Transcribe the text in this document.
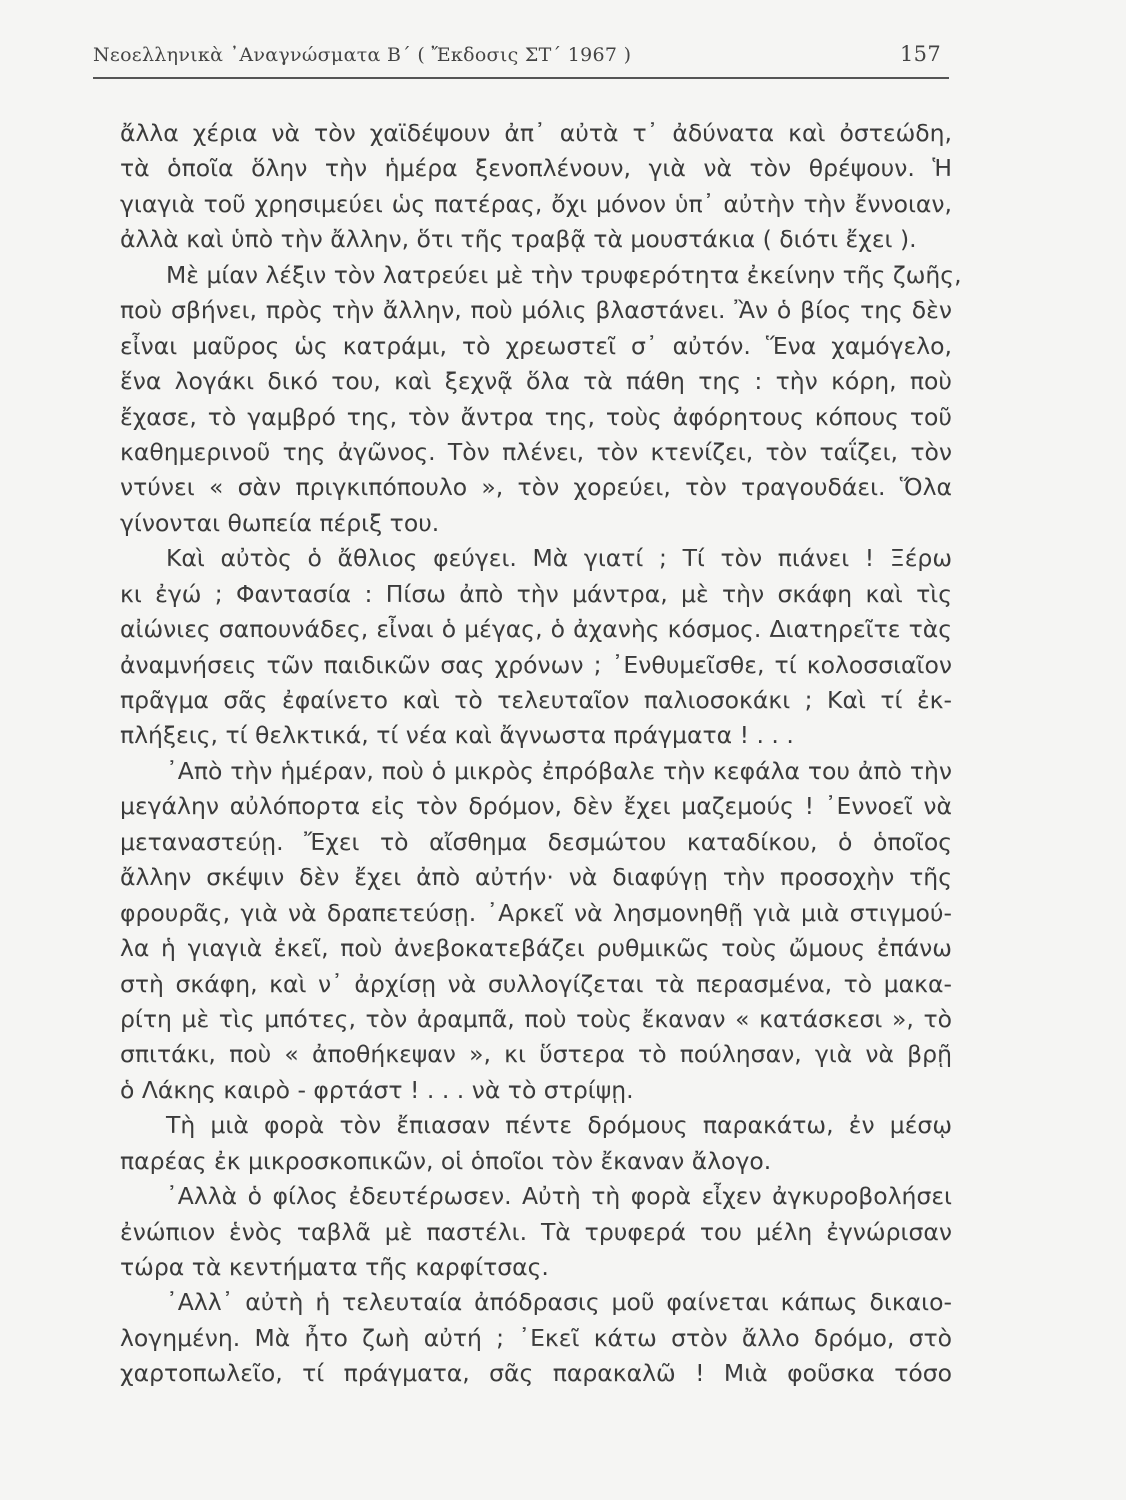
Νεοελληνικὰ ᾿Αναγνώσματα Β΄ ( Ἔκδοσις ΣΤ΄ 1967 )	157
ἄλλα χέρια νὰ τὸν χαϊδέψουν ἀπ᾿ αὐτὰ τ᾿ ἀδύνατα καὶ ὀστεώδη,
τὰ ὁποῖα ὅλην τὴν ἡμέρα ξενοπλένουν, γιὰ νὰ τὸν θρέψουν. Ἡ
γιαγιὰ τοῦ χρησιμεύει ὡς πατέρας, ὄχι μόνον ὑπ᾿ αὐτὴν τὴν ἔννοιαν,
ἀλλὰ καὶ ὑπὸ τὴν ἄλλην, ὅτι τῆς τραβᾷ τὰ μουστάκια ( διότι ἔχει ).
Μὲ μίαν λέξιν τὸν λατρεύει μὲ τὴν τρυφερότητα ἐκείνην τῆς ζωῆς,
ποὺ σβήνει, πρὸς τὴν ἄλλην, ποὺ μόλις βλαστάνει. Ἂν ὁ βίος της δὲν
εἶναι μαῦρος ὡς κατράμι, τὸ χρεωστεῖ σ᾿ αὐτόν. Ἕνα χαμόγελο,
ἕνα λογάκι δικό του, καὶ ξεχνᾷ ὅλα τὰ πάθη της : τὴν κόρη, ποὺ
ἔχασε, τὸ γαμβρό της, τὸν ἄντρα της, τοὺς ἀφόρητους κόπους τοῦ
καθημερινοῦ της ἀγῶνος. Τὸν πλένει, τὸν κτενίζει, τὸν ταΐζει, τὸν
ντύνει « σὰν πριγκιπόπουλο », τὸν χορεύει, τὸν τραγουδάει. Ὅλα
γίνονται θωπεία πέριξ του.
Καὶ αὐτὸς ὁ ἄθλιος φεύγει. Μὰ γιατί ; Τί τὸν πιάνει ! Ξέρω
κι ἐγώ ; Φαντασία : Πίσω ἀπὸ τὴν μάντρα, μὲ τὴν σκάφη καὶ τὶς
αἰώνιες σαπουνάδες, εἶναι ὁ μέγας, ὁ ἀχανὴς κόσμος. Διατηρεῖτε τὰς
ἀναμνήσεις τῶν παιδικῶν σας χρόνων ; ᾿Ενθυμεῖσθε, τί κολοσσιαῖον
πρᾶγμα σᾶς ἐφαίνετο καὶ τὸ τελευταῖον παλιοσοκάκι ; Καὶ τί ἐκ-
πλήξεις, τί θελκτικά, τί νέα καὶ ἄγνωστα πράγματα ! . . .
᾿Απὸ τὴν ἡμέραν, ποὺ ὁ μικρὸς ἐπρόβαλε τὴν κεφάλα του ἀπὸ τὴν
μεγάλην αὐλόπορτα εἰς τὸν δρόμον, δὲν ἔχει μαζεμούς ! ᾿Εννοεῖ νὰ
μεταναστεύῃ. Ἔχει τὸ αἴσθημα δεσμώτου καταδίκου, ὁ ὁποῖος
ἄλλην σκέψιν δὲν ἔχει ἀπὸ αὐτήν· νὰ διαφύγῃ τὴν προσοχὴν τῆς
φρουρᾶς, γιὰ νὰ δραπετεύσῃ. ᾿Αρκεῖ νὰ λησμονηθῇ γιὰ μιὰ στιγμού-
λα ἡ γιαγιὰ ἐκεῖ, ποὺ ἀνεβοκατεβάζει ρυθμικῶς τοὺς ὤμους ἐπάνω
στὴ σκάφη, καὶ ν᾿ ἀρχίσῃ νὰ συλλογίζεται τὰ περασμένα, τὸ μακα-
ρίτη μὲ τὶς μπότες, τὸν ἀραμπᾶ, ποὺ τοὺς ἔκαναν « κατάσκεσι », τὸ
σπιτάκι, ποὺ « ἀποθήκεψαν », κι ὕστερα τὸ πούλησαν, γιὰ νὰ βρῇ
ὁ Λάκης καιρὸ - φρτάστ ! . . . νὰ τὸ στρίψῃ.
Τὴ μιὰ φορὰ τὸν ἔπιασαν πέντε δρόμους παρακάτω, ἐν μέσῳ
παρέας ἐκ μικροσκοπικῶν, οἱ ὁποῖοι τὸν ἔκαναν ἄλογο.
᾿Αλλὰ ὁ φίλος ἐδευτέρωσεν. Αὐτὴ τὴ φορὰ εἶχεν ἀγκυροβολήσει
ἐνώπιον ἑνὸς ταβλᾶ μὲ παστέλι. Τὰ τρυφερά του μέλη ἐγνώρισαν
τώρα τὰ κεντήματα τῆς καρφίτσας.
᾿Αλλ᾿ αὐτὴ ἡ τελευταία ἀπόδρασις μοῦ φαίνεται κάπως δικαιο-
λογημένη. Μὰ ἦτο ζωὴ αὐτή ; ᾿Εκεῖ κάτω στὸν ἄλλο δρόμο, στὸ
χαρτοπωλεῖο, τί πράγματα, σᾶς παρακαλῶ ! Μιὰ φοῦσκα τόσο
